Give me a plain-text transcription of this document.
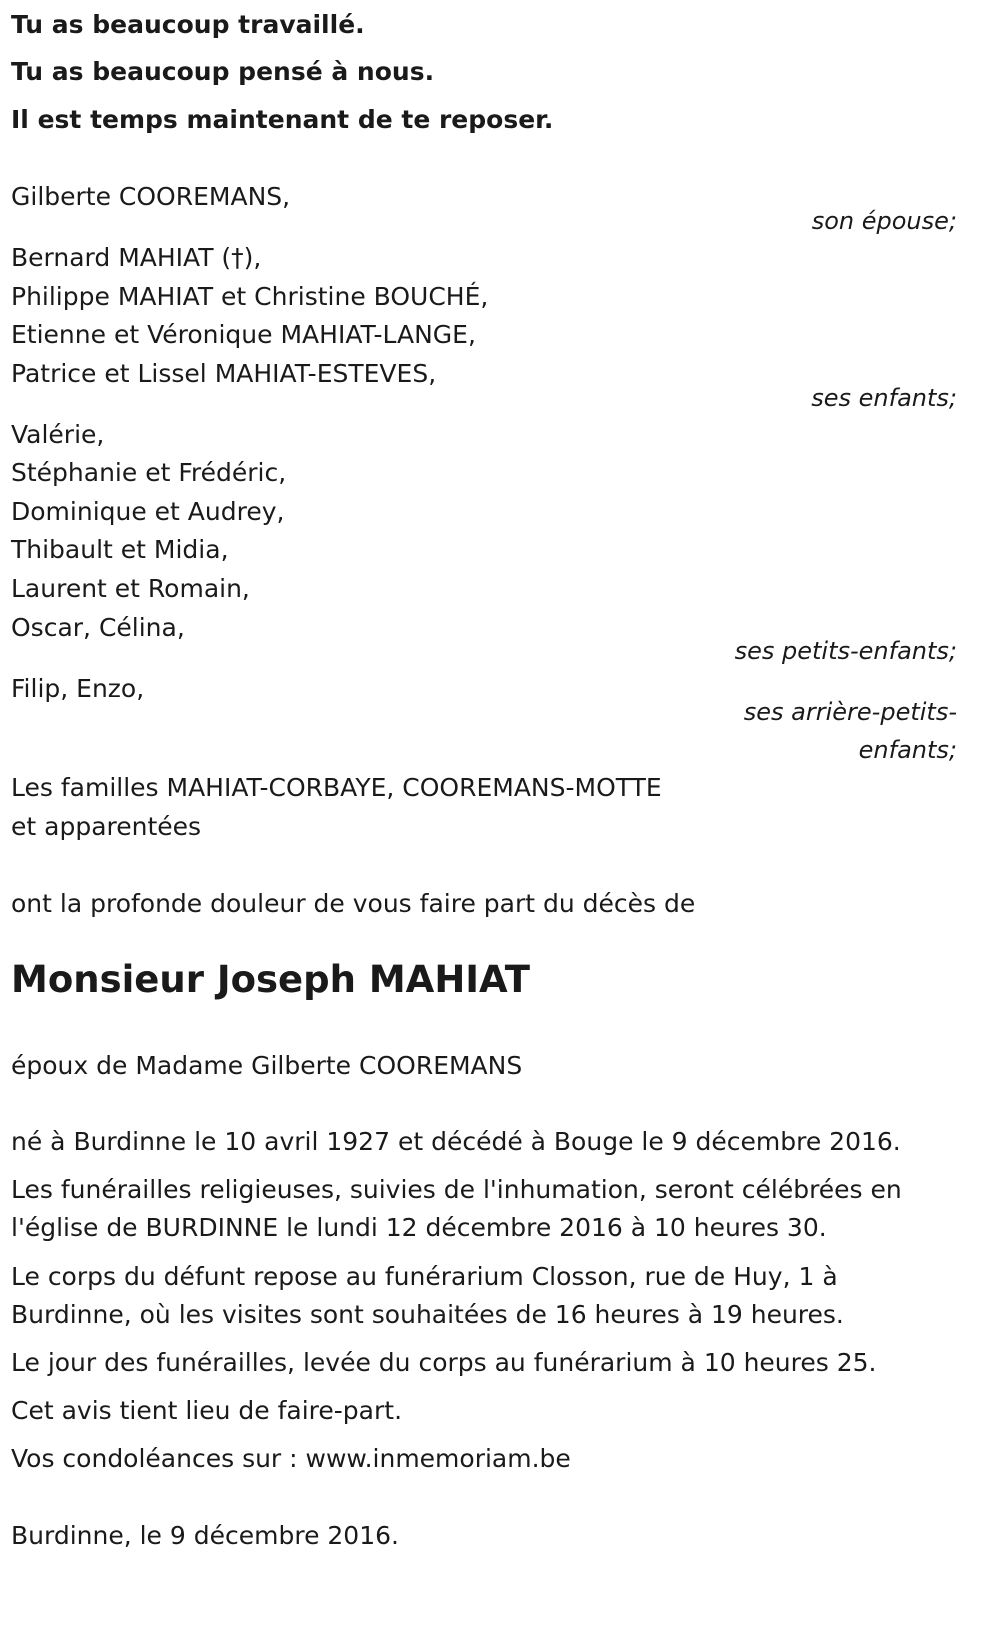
Tu as beaucoup travaillé.
Tu as beaucoup pensé à nous.
Il est temps maintenant de te reposer.
Gilberte COOREMANS,
son épouse;
Bernard MAHIAT (†),
Philippe MAHIAT et Christine BOUCHÉ,
Etienne et Véronique MAHIAT-LANGE,
Patrice et Lissel MAHIAT-ESTEVES,
ses enfants;
Valérie,
Stéphanie et Frédéric,
Dominique et Audrey,
Thibault et Midia,
Laurent et Romain,
Oscar, Célina,
ses petits-enfants;
Filip, Enzo,
ses arrière-petits-
enfants;
Les familles MAHIAT-CORBAYE, COOREMANS-MOTTE
et apparentées
ont la profonde douleur de vous faire part du décès de
Monsieur Joseph MAHIAT
époux de Madame Gilberte COOREMANS
né à Burdinne le 10 avril 1927 et décédé à Bouge le 9 décembre 2016.
Les funérailles religieuses, suivies de l'inhumation, seront célébrées en
l'église de BURDINNE le lundi 12 décembre 2016 à 10 heures 30.
Le corps du défunt repose au funérarium Closson, rue de Huy, 1 à
Burdinne, où les visites sont souhaitées de 16 heures à 19 heures.
Le jour des funérailles, levée du corps au funérarium à 10 heures 25.
Cet avis tient lieu de faire-part.
Vos condoléances sur : www.inmemoriam.be
Burdinne, le 9 décembre 2016.
